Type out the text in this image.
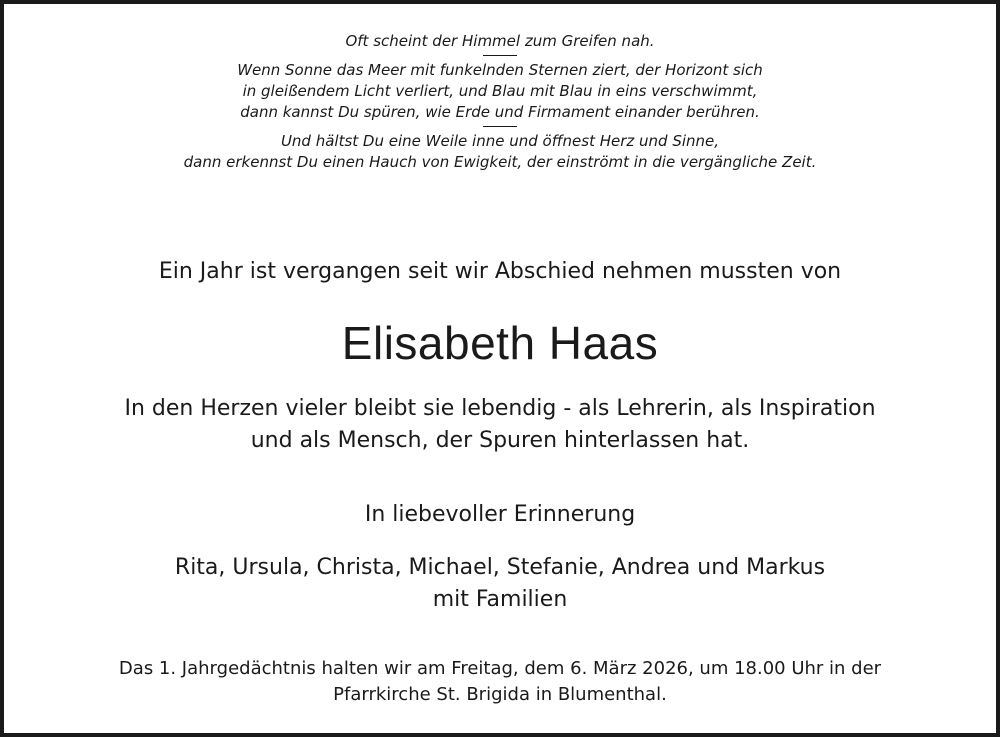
Oft scheint der Himmel zum Greifen nah.
Wenn Sonne das Meer mit funkelnden Sternen ziert, der Horizont sich
in gleißendem Licht verliert, und Blau mit Blau in eins verschwimmt,
dann kannst Du spüren, wie Erde und Firmament einander berühren.
Und hältst Du eine Weile inne und öffnest Herz und Sinne,
dann erkennst Du einen Hauch von Ewigkeit, der einströmt in die vergängliche Zeit.
Ein Jahr ist vergangen seit wir Abschied nehmen mussten von
Elisabeth Haas
In den Herzen vieler bleibt sie lebendig - als Lehrerin, als Inspiration
und als Mensch, der Spuren hinterlassen hat.
In liebevoller Erinnerung
Rita, Ursula, Christa, Michael, Stefanie, Andrea und Markus
mit Familien
Das 1. Jahrgedächtnis halten wir am Freitag, dem 6. März 2026, um 18.00 Uhr in der
Pfarrkirche St. Brigida in Blumenthal.
